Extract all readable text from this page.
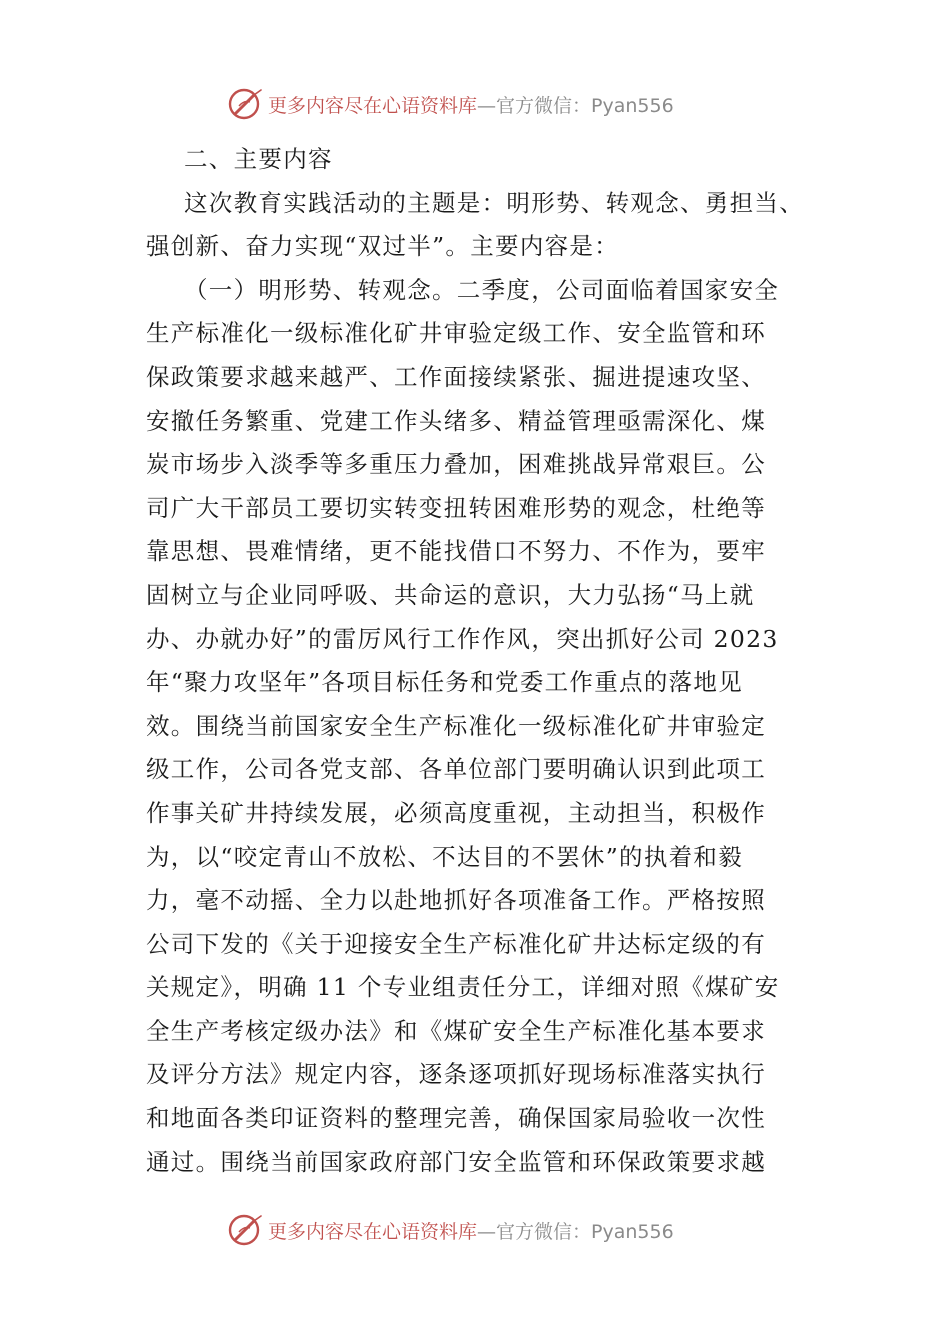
更多内容尽在心语资料库—官方微信：Pyan556
二、主要内容
这次教育实践活动的主题是：明形势、转观念、勇担当、
强创新、奋力实现“双过半”。主要内容是：
（一）明形势、转观念。二季度，公司面临着国家安全
生产标准化一级标准化矿井审验定级工作、安全监管和环
保政策要求越来越严、工作面接续紧张、掘进提速攻坚、
安撤任务繁重、党建工作头绪多、精益管理亟需深化、煤
炭市场步入淡季等多重压力叠加，困难挑战异常艰巨。公
司广大干部员工要切实转变扭转困难形势的观念，杜绝等
靠思想、畏难情绪，更不能找借口不努力、不作为，要牢
固树立与企业同呼吸、共命运的意识，大力弘扬“马上就
办、办就办好”的雷厉风行工作作风，突出抓好公司 2023
年“聚力攻坚年”各项目标任务和党委工作重点的落地见
效。围绕当前国家安全生产标准化一级标准化矿井审验定
级工作，公司各党支部、各单位部门要明确认识到此项工
作事关矿井持续发展，必须高度重视，主动担当，积极作
为，以“咬定青山不放松、不达目的不罢休”的执着和毅
力，毫不动摇、全力以赴地抓好各项准备工作。严格按照
公司下发的《关于迎接安全生产标准化矿井达标定级的有
关规定》，明确 11 个专业组责任分工，详细对照《煤矿安
全生产考核定级办法》和《煤矿安全生产标准化基本要求
及评分方法》规定内容，逐条逐项抓好现场标准落实执行
和地面各类印证资料的整理完善，确保国家局验收一次性
通过。围绕当前国家政府部门安全监管和环保政策要求越
更多内容尽在心语资料库—官方微信：Pyan556
